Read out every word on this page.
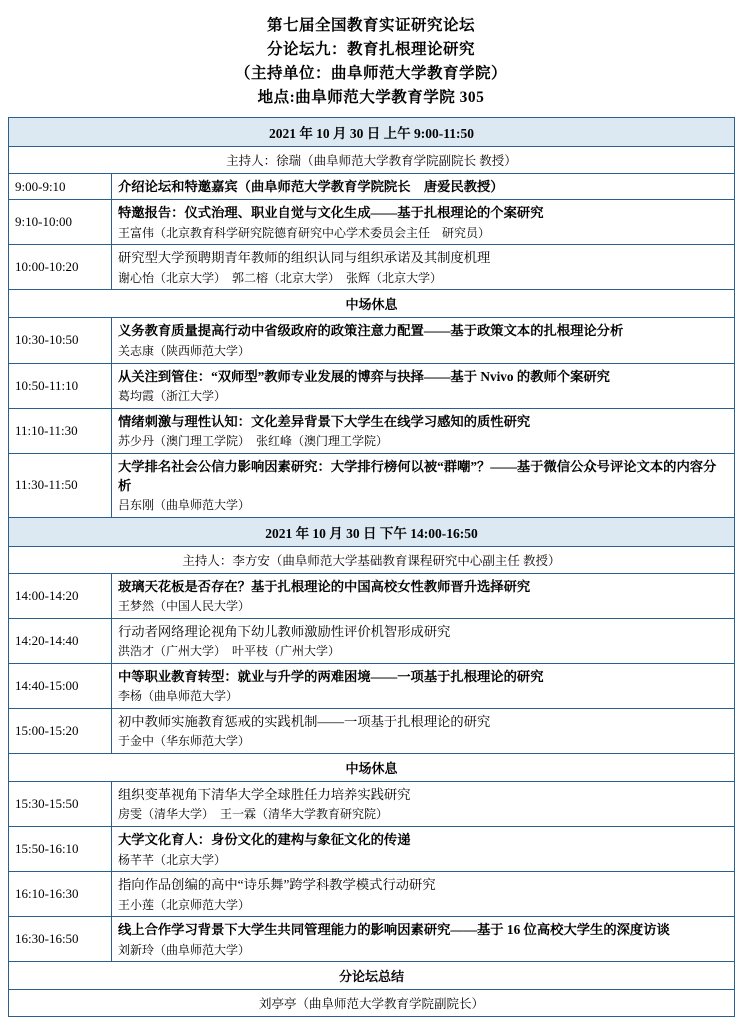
第七届全国教育实证研究论坛
分论坛九：教育扎根理论研究
（主持单位：曲阜师范大学教育学院）
地点:曲阜师范大学教育学院 305
2021 年 10 月 30 日 上午 9:00-11:50	
主持人：徐瑞（曲阜师范大学教育学院副院长 教授）	
9:00-9:10	介绍论坛和特邀嘉宾（曲阜师范大学教育学院院长　唐爱民教授）

9:10-10:00	特邀报告：仪式治理、职业自觉与文化生成——基于扎根理论的个案研究
王富伟（北京教育科学研究院德育研究中心学术委员会主任　研究员）

10:00-10:20	研究型大学预聘期青年教师的组织认同与组织承诺及其制度机理
谢心怡（北京大学）　郭二榕（北京大学）　张辉（北京大学）

中场休息	
10:30-10:50	义务教育质量提高行动中省级政府的政策注意力配置——基于政策文本的扎根理论分析
关志康（陕西师范大学）

10:50-11:10	从关注到管住：“双师型”教师专业发展的博弈与抉择——基于 Nvivo 的教师个案研究
葛均霞（浙江大学）

11:10-11:30	情绪刺激与理性认知：文化差异背景下大学生在线学习感知的质性研究
苏少丹（澳门理工学院）　张红峰（澳门理工学院）

11:30-11:50	大学排名社会公信力影响因素研究：大学排行榜何以被“群嘲”？——基于微信公众号评论文本的内容分析
吕东刚（曲阜师范大学）

2021 年 10 月 30 日 下午 14:00-16:50	
主持人：李方安（曲阜师范大学基础教育课程研究中心副主任 教授）	
14:00-14:20	玻璃天花板是否存在？基于扎根理论的中国高校女性教师晋升选择研究
王梦然（中国人民大学）

14:20-14:40	行动者网络理论视角下幼儿教师激励性评价机智形成研究
洪浩才（广州大学）　叶平枝（广州大学）

14:40-15:00	中等职业教育转型：就业与升学的两难困境——一项基于扎根理论的研究
李杨（曲阜师范大学）

15:00-15:20	初中教师实施教育惩戒的实践机制——一项基于扎根理论的研究
于金中（华东师范大学）

中场休息	
15:30-15:50	组织变革视角下清华大学全球胜任力培养实践研究
房雯（清华大学）　王一霖（清华大学教育研究院）

15:50-16:10	大学文化育人：身份文化的建构与象征文化的传递
杨芊芊（北京大学）

16:10-16:30	指向作品创编的高中“诗乐舞”跨学科教学模式行动研究
王小莲（北京师范大学）

16:30-16:50	线上合作学习背景下大学生共同管理能力的影响因素研究——基于 16 位高校大学生的深度访谈
刘新玲（曲阜师范大学）

分论坛总结	
刘亭亭（曲阜师范大学教育学院副院长）	
